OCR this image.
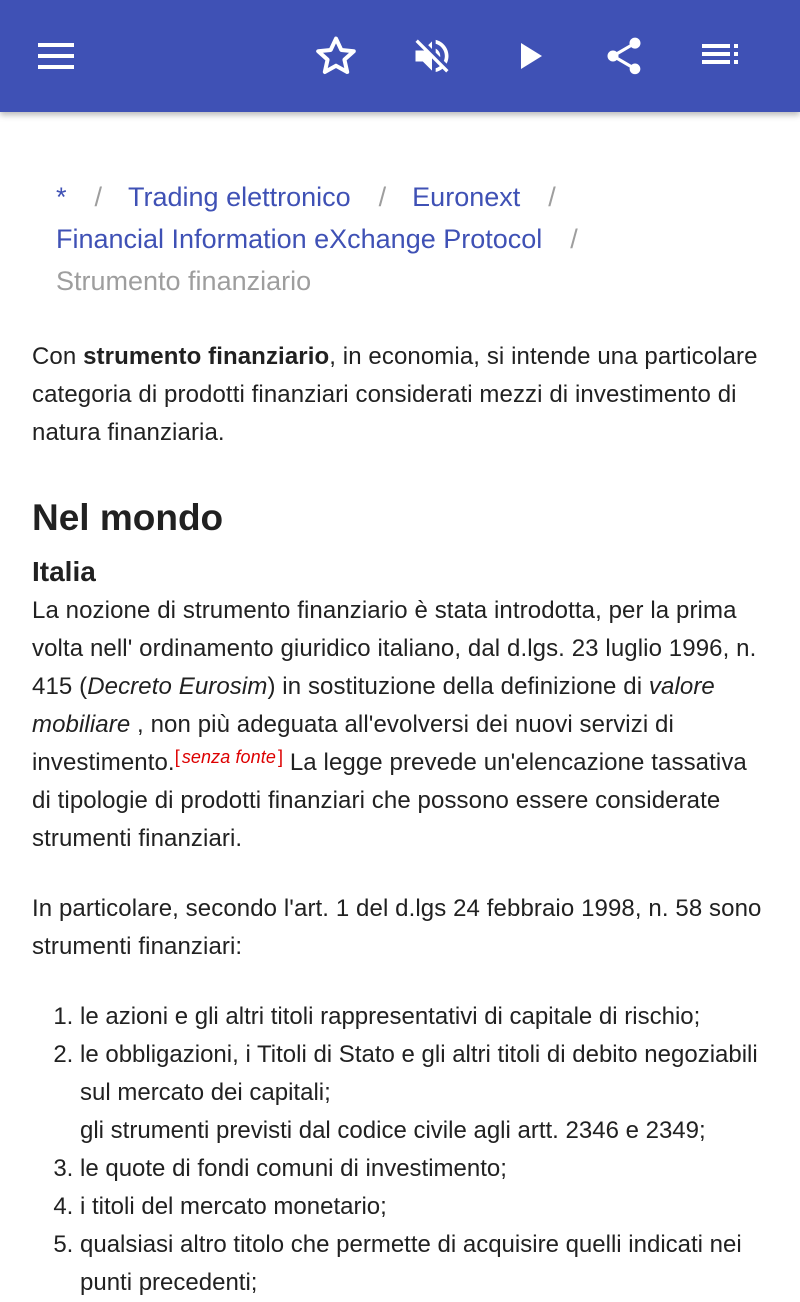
* / Trading elettronico / Euronext /
Financial Information eXchange Protocol /
Strumento finanziario

Con strumento finanziario, in economia, si intende una particolare categoria di prodotti finanziari considerati mezzi di investimento di natura finanziaria.

Nel mondo
Italia

La nozione di strumento finanziario è stata introdotta, per la prima volta nell' ordinamento giuridico italiano, dal d.lgs. 23 luglio 1996, n. 415 (Decreto Eurosim) in sostituzione della definizione di valore mobiliare , non più adeguata all'evolversi dei nuovi servizi di investimento.[ senza fonte ] La legge prevede un'elencazione tassativa di tipologie di prodotti finanziari che possono essere considerate strumenti finanziari.

In particolare, secondo l'art. 1 del d.lgs 24 febbraio 1998, n. 58 sono strumenti finanziari:

1. le azioni e gli altri titoli rappresentativi di capitale di rischio;
2. le obbligazioni, i Titoli di Stato e gli altri titoli di debito negoziabili sul mercato dei capitali;
gli strumenti previsti dal codice civile agli artt. 2346 e 2349;
3. le quote di fondi comuni di investimento;
4. i titoli del mercato monetario;
5. qualsiasi altro titolo che permette di acquisire quelli indicati nei punti precedenti;
